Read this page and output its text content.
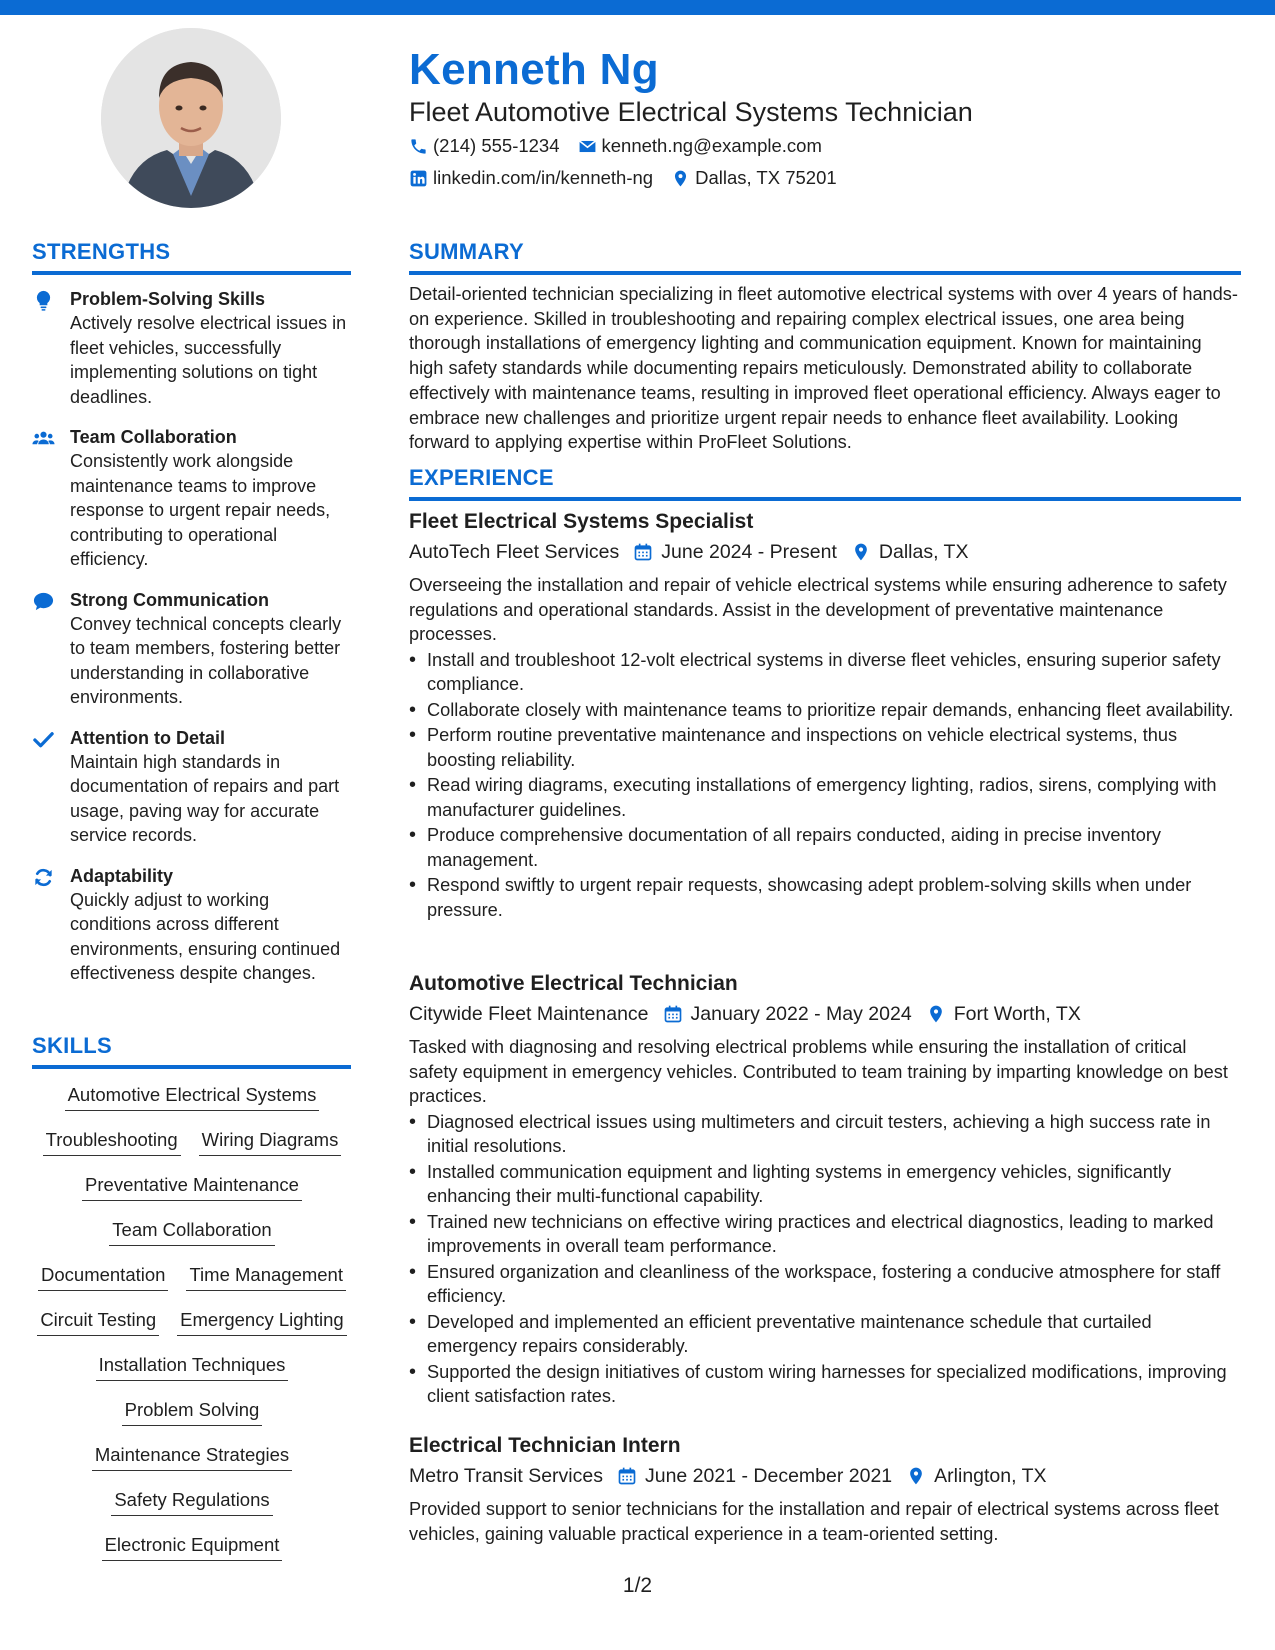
Kenneth Ng
Fleet Automotive Electrical Systems Technician
(214) 555-1234 kenneth.ng@example.com
linkedin.com/in/kenneth-ng Dallas, TX 75201
STRENGTHS
Problem-Solving Skills
Actively resolve electrical issues in fleet vehicles, successfully implementing solutions on tight deadlines.
Team Collaboration
Consistently work alongside maintenance teams to improve response to urgent repair needs, contributing to operational efficiency.
Strong Communication
Convey technical concepts clearly to team members, fostering better understanding in collaborative environments.
Attention to Detail
Maintain high standards in documentation of repairs and part usage, paving way for accurate service records.
Adaptability
Quickly adjust to working conditions across different environments, ensuring continued effectiveness despite changes.
SKILLS
Automotive Electrical Systems
Troubleshooting Wiring Diagrams
Preventative Maintenance
Team Collaboration
Documentation Time Management
Circuit Testing Emergency Lighting
Installation Techniques
Problem Solving
Maintenance Strategies
Safety Regulations
Electronic Equipment
SUMMARY
Detail-oriented technician specializing in fleet automotive electrical systems with over 4 years of hands-on experience. Skilled in troubleshooting and repairing complex electrical issues, one area being thorough installations of emergency lighting and communication equipment. Known for maintaining high safety standards while documenting repairs meticulously. Demonstrated ability to collaborate effectively with maintenance teams, resulting in improved fleet operational efficiency. Always eager to embrace new challenges and prioritize urgent repair needs to enhance fleet availability. Looking forward to applying expertise within ProFleet Solutions.
EXPERIENCE
Fleet Electrical Systems Specialist
AutoTech Fleet Services June 2024 - Present Dallas, TX
Overseeing the installation and repair of vehicle electrical systems while ensuring adherence to safety regulations and operational standards. Assist in the development of preventative maintenance processes.
• Install and troubleshoot 12-volt electrical systems in diverse fleet vehicles, ensuring superior safety compliance.
• Collaborate closely with maintenance teams to prioritize repair demands, enhancing fleet availability.
• Perform routine preventative maintenance and inspections on vehicle electrical systems, thus boosting reliability.
• Read wiring diagrams, executing installations of emergency lighting, radios, sirens, complying with manufacturer guidelines.
• Produce comprehensive documentation of all repairs conducted, aiding in precise inventory management.
• Respond swiftly to urgent repair requests, showcasing adept problem-solving skills when under pressure.
Automotive Electrical Technician
Citywide Fleet Maintenance January 2022 - May 2024 Fort Worth, TX
Tasked with diagnosing and resolving electrical problems while ensuring the installation of critical safety equipment in emergency vehicles. Contributed to team training by imparting knowledge on best practices.
• Diagnosed electrical issues using multimeters and circuit testers, achieving a high success rate in initial resolutions.
• Installed communication equipment and lighting systems in emergency vehicles, significantly enhancing their multi-functional capability.
• Trained new technicians on effective wiring practices and electrical diagnostics, leading to marked improvements in overall team performance.
• Ensured organization and cleanliness of the workspace, fostering a conducive atmosphere for staff efficiency.
• Developed and implemented an efficient preventative maintenance schedule that curtailed emergency repairs considerably.
• Supported the design initiatives of custom wiring harnesses for specialized modifications, improving client satisfaction rates.
Electrical Technician Intern
Metro Transit Services June 2021 - December 2021 Arlington, TX
Provided support to senior technicians for the installation and repair of electrical systems across fleet vehicles, gaining valuable practical experience in a team-oriented setting.
1/2
